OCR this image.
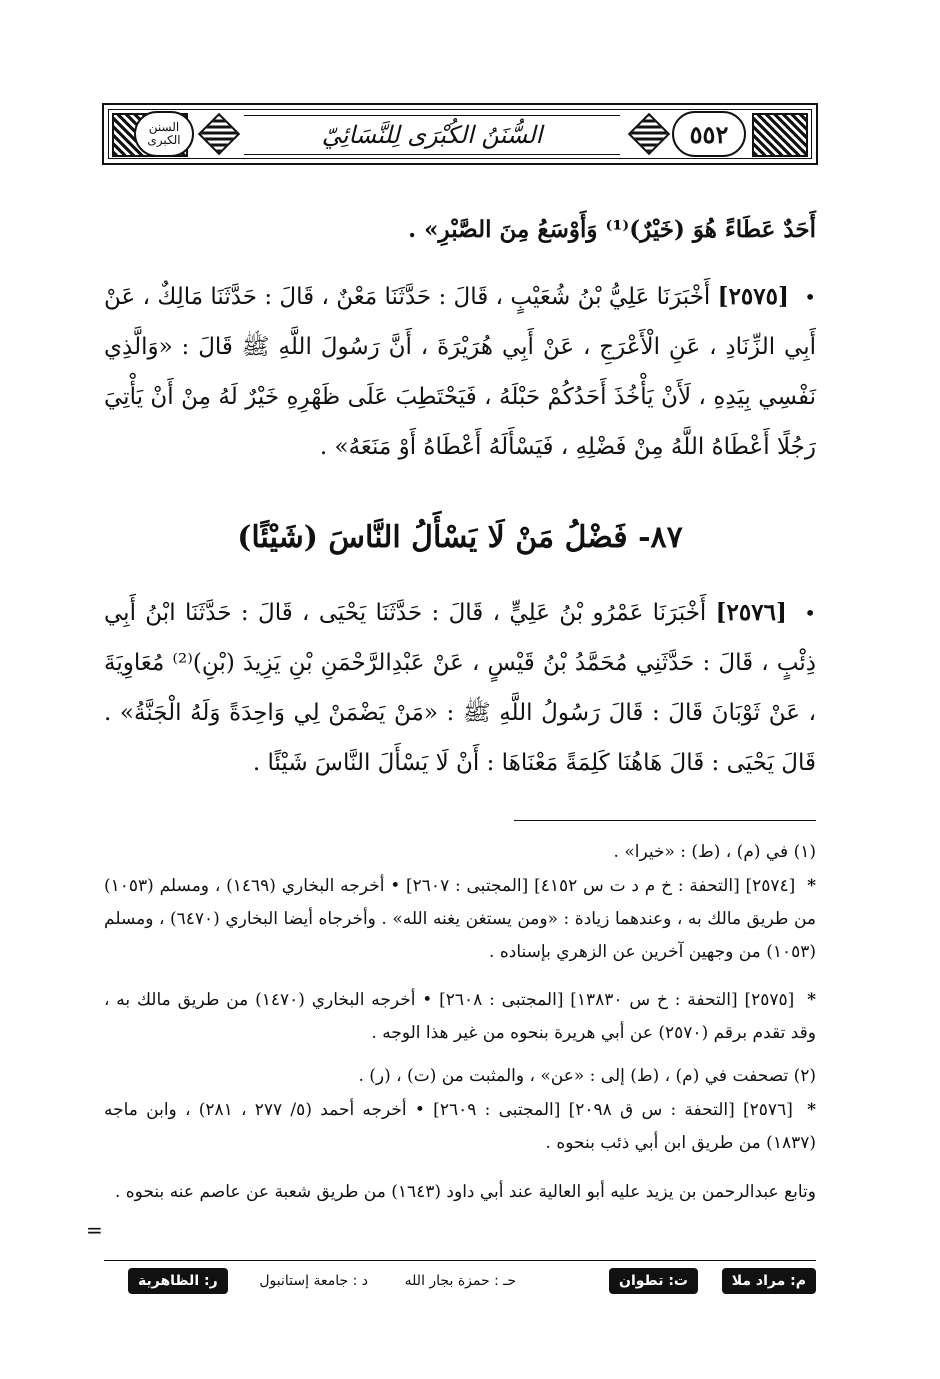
السنن الكبرى	السُّنَنُ الكُبْرَى لِلنَّسَائِيّ	٥٥٢
أَحَدٌ عَطَاءً هُوَ (خَيْرٌ)⁽¹⁾ وَأَوْسَعُ مِنَ الصَّبْرِ» .
• [٢٥٧٥] أَخْبَرَنَا عَلِيُّ بْنُ شُعَيْبٍ ، قَالَ : حَدَّثَنَا مَعْنٌ ، قَالَ : حَدَّثَنَا مَالِكٌ ، عَنْ أَبِي الزِّنَادِ ، عَنِ الْأَعْرَجِ ، عَنْ أَبِي هُرَيْرَةَ ، أَنَّ رَسُولَ اللَّهِ ﷺ قَالَ : «وَالَّذِي نَفْسِي بِيَدِهِ ، لَأَنْ يَأْخُذَ أَحَدُكُمْ حَبْلَهُ ، فَيَحْتَطِبَ عَلَى ظَهْرِهِ خَيْرٌ لَهُ مِنْ أَنْ يَأْتِيَ رَجُلًا أَعْطَاهُ اللَّهُ مِنْ فَضْلِهِ ، فَيَسْأَلَهُ أَعْطَاهُ أَوْ مَنَعَهُ» .
٨٧- فَضْلُ مَنْ لَا يَسْأَلُ النَّاسَ (شَيْئًا)
• [٢٥٧٦] أَخْبَرَنَا عَمْرُو بْنُ عَلِيٍّ ، قَالَ : حَدَّثَنَا يَحْيَى ، قَالَ : حَدَّثَنَا ابْنُ أَبِي ذِئْبٍ ، قَالَ : حَدَّثَنِي مُحَمَّدُ بْنُ قَيْسٍ ، عَنْ عَبْدِالرَّحْمَنِ بْنِ يَزِيدَ (بْنِ)⁽²⁾ مُعَاوِيَةَ ، عَنْ ثَوْبَانَ قَالَ : قَالَ رَسُولُ اللَّهِ ﷺ : «مَنْ يَضْمَنْ لِي وَاحِدَةً وَلَهُ الْجَنَّةُ» . قَالَ يَحْيَى : قَالَ هَاهُنَا كَلِمَةً مَعْنَاهَا : أَنْ لَا يَسْأَلَ النَّاسَ شَيْئًا .
(١) في (م) ، (ط) : «خيرا» .
* [٢٥٧٤] [التحفة : خ م د ت س ٤١٥٢] [المجتبى : ٢٦٠٧] • أخرجه البخاري (١٤٦٩) ، ومسلم (١٠٥٣) من طريق مالك به ، وعندهما زيادة : «ومن يستغن يغنه الله» . وأخرجاه أيضا البخاري (٦٤٧٠) ، ومسلم (١٠٥٣) من وجهين آخرين عن الزهري بإسناده .
* [٢٥٧٥] [التحفة : خ س ١٣٨٣٠] [المجتبى : ٢٦٠٨] • أخرجه البخاري (١٤٧٠) من طريق مالك به ، وقد تقدم برقم (٢٥٧٠) عن أبي هريرة بنحوه من غير هذا الوجه .
(٢) تصحفت في (م) ، (ط) إلى : «عن» ، والمثبت من (ت) ، (ر) .
* [٢٥٧٦] [التحفة : س ق ٢٠٩٨] [المجتبى : ٢٦٠٩] • أخرجه أحمد (٥/ ٢٧٧ ، ٢٨١) ، وابن ماجه (١٨٣٧) من طريق ابن أبي ذئب بنحوه .
وتابع عبدالرحمن بن يزيد عليه أبو العالية عند أبي داود (١٦٤٣) من طريق شعبة عن عاصم عنه بنحوه .
=
م: مراد ملا
ت: تطوان
حـ : حمزة بجار الله
د : جامعة إستانبول
ر: الظاهرية
